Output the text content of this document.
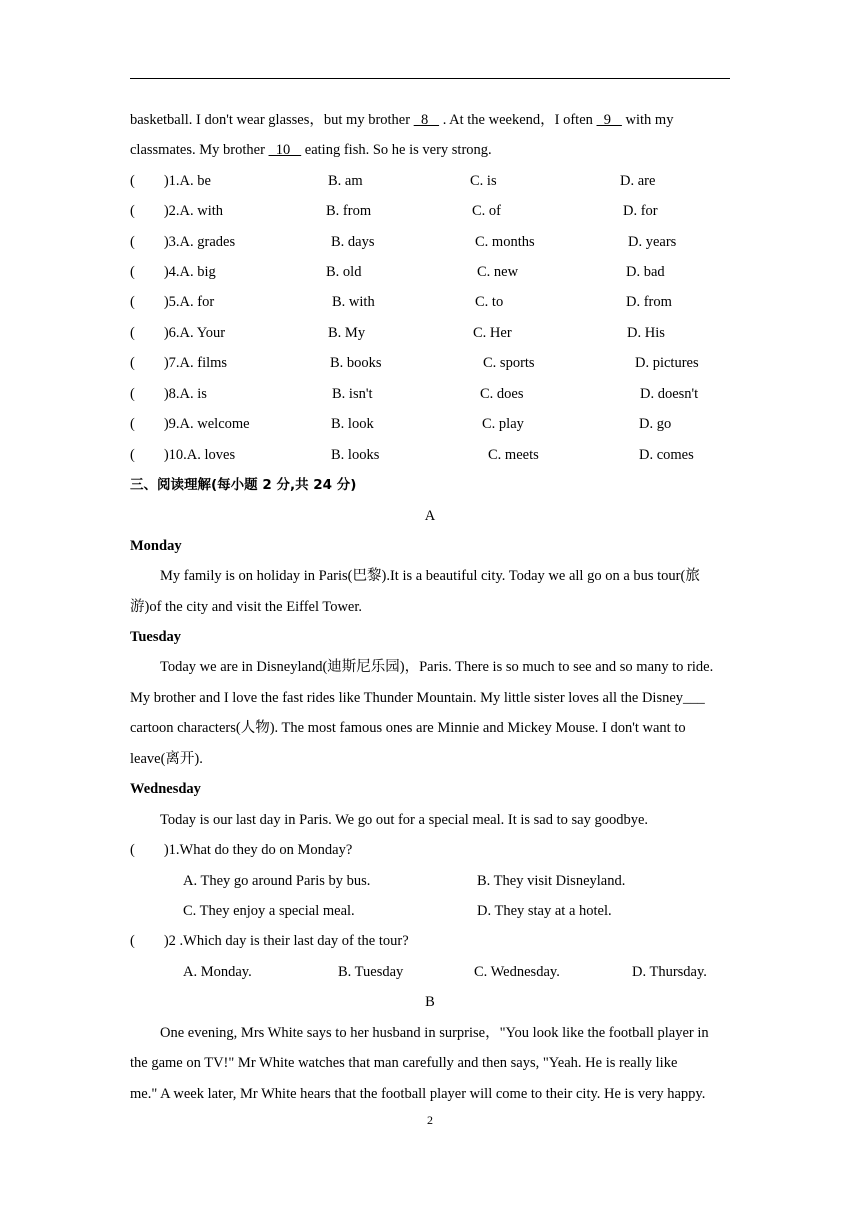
basketball. I don't wear glasses，but my brother   8    . At the weekend，I often   9    with my
classmates. My brother   10    eating fish. So he is very strong.
(        )1.A. be	B. am	C. is	D. are
(        )2.A. with	B. from	C. of	D. for
(        )3.A. grades	B. days	C. months	D. years
(        )4.A. big	B. old	C. new	D. bad
(        )5.A. for	B. with	C. to	D. from
(        )6.A. Your	B. My	C. Her	D. His
(        )7.A. films	B. books	C. sports	D. pictures
(        )8.A. is	B. isn't	C. does	D. doesn't
(        )9.A. welcome	B. look	C. play	D. go
(        )10.A. loves	B. looks	C. meets	D. comes
三、阅读理解(每小题 2 分,共 24 分)
A
Monday
My family is on holiday in Paris(巴黎).It is a beautiful city. Today we all go on a bus tour(旅
游)of the city and visit the Eiffel Tower.
Tuesday
Today we are in Disneyland(迪斯尼乐园)，Paris. There is so much to see and so many to ride.
My brother and I love the fast rides like Thunder Mountain. My little sister loves all the Disney___
cartoon characters(人物). The most famous ones are Minnie and Mickey Mouse. I don't want to
leave(离开).
Wednesday
Today is our last day in Paris. We go out for a special meal. It is sad to say goodbye.
(        )1.What do they do on Monday?
A. They go around Paris by bus.	B. They visit Disneyland.
C. They enjoy a special meal.	D. They stay at a hotel.
(        )2 .Which day is their last day of the tour?
A. Monday.	B. Tuesday	C. Wednesday.	D. Thursday.
B
One evening, Mrs White says to her husband in surprise，"You look like the football player in
the game on TV!" Mr White watches that man carefully and then says, "Yeah. He is really like
me." A week later, Mr White hears that the football player will come to their city. He is very happy.
2
